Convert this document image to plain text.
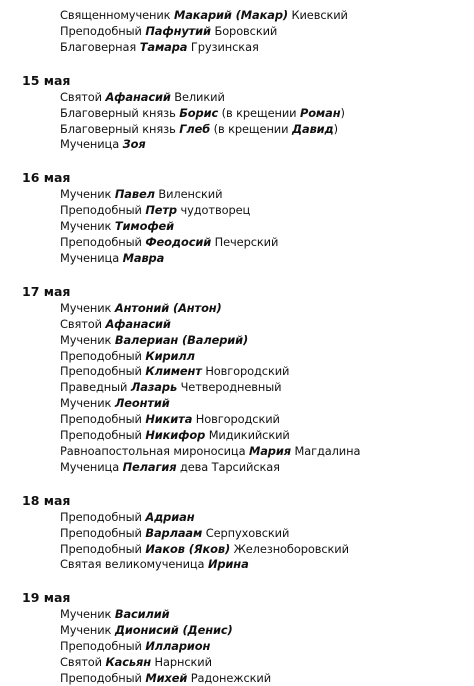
Священномученик Макарий (Макар) Киевский
Преподобный Пафнутий Боровский
Благоверная Тамара Грузинская
15 мая
Святой Афанасий Великий
Благоверный князь Борис (в крещении Роман)
Благоверный князь Глеб (в крещении Давид)
Мученица Зоя
16 мая
Мученик Павел Виленский
Преподобный Петр чудотворец
Мученик Тимофей
Преподобный Феодосий Печерский
Мученица Мавра
17 мая
Мученик Антоний (Антон)
Святой Афанасий
Мученик Валериан (Валерий)
Преподобный Кирилл
Преподобный Климент Новгородский
Праведный Лазарь Четверодневный
Мученик Леонтий
Преподобный Никита Новгородский
Преподобный Никифор Мидикийский
Равноапостольная мироносица Мария Магдалина
Мученица Пелагия дева Тарсийская
18 мая
Преподобный Адриан
Преподобный Варлаам Серпуховский
Преподобный Иаков (Яков) Железноборовский
Святая великомученица Ирина
19 мая
Мученик Василий
Мученик Дионисий (Денис)
Преподобный Илларион
Святой Касьян Нарнский
Преподобный Михей Радонежский
